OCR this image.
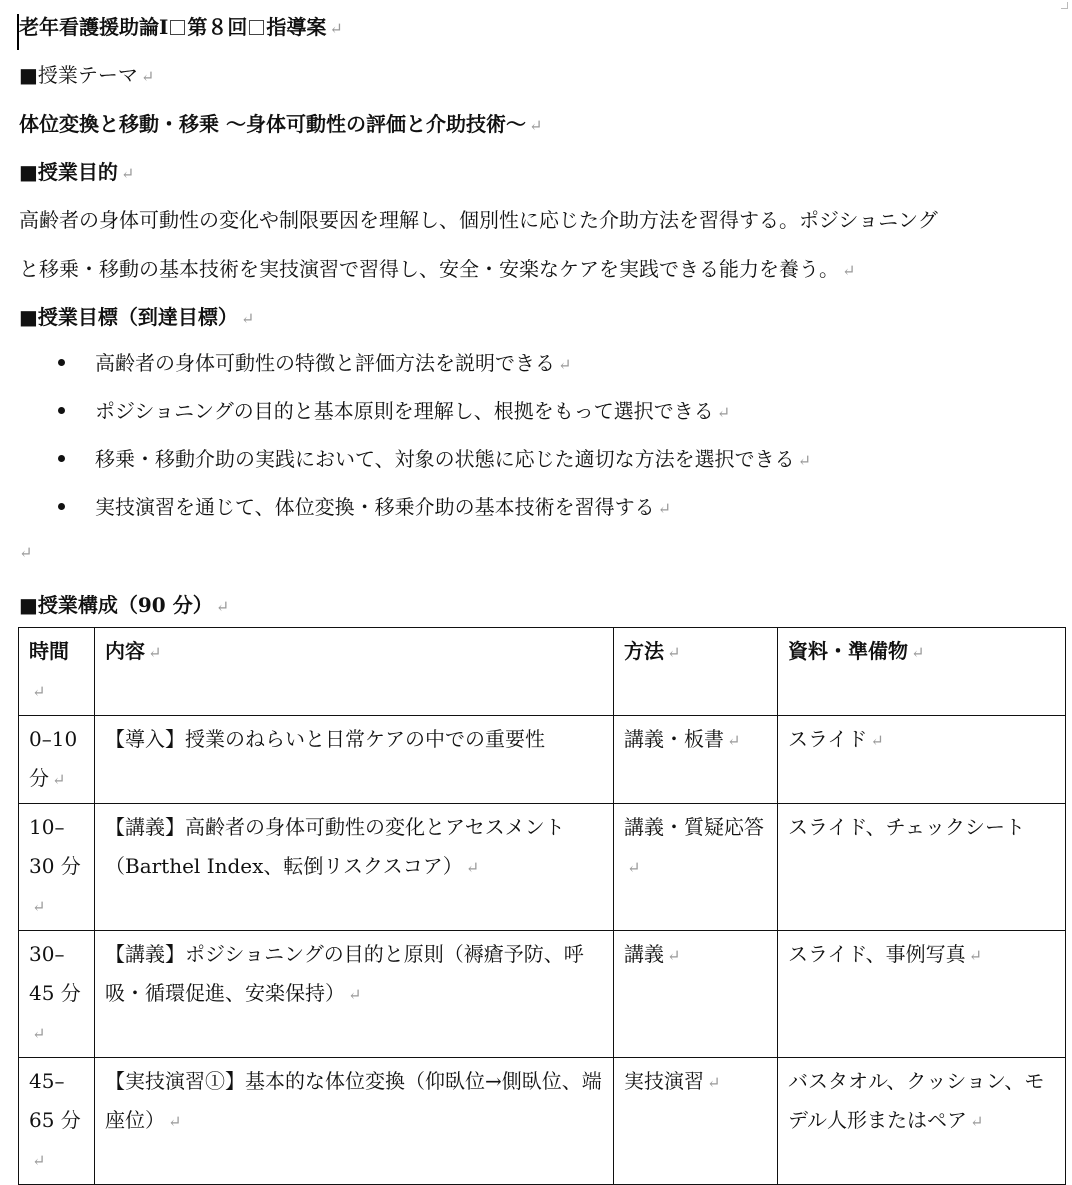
老年看護援助論Ⅰ 第８回 指導案 ↵
■授業テーマ ↵
体位変換と移動・移乗 ～身体可動性の評価と介助技術～ ↵
■授業目的 ↵
高齢者の身体可動性の変化や制限要因を理解し、個別性に応じた介助方法を習得する。ポジショニング
と移乗・移動の基本技術を実技演習で習得し、安全・安楽なケアを実践できる能力を養う。 ↵
■授業目標（到達目標） ↵
高齢者の身体可動性の特徴と評価方法を説明できる ↵
ポジショニングの目的と基本原則を理解し、根拠をもって選択できる ↵
移乗・移動介助の実践において、対象の状態に応じた適切な方法を選択できる ↵
実技演習を通じて、体位変換・移乗介助の基本技術を習得する ↵
↵
■授業構成（90 分） ↵
時間↵	内容 ↵	方法 ↵	資料・準備物 ↵
0–10 分 ↵	【導入】授業のねらいと日常ケアの中での重要性	講義・板書 ↵	スライド ↵
10–30 分↵	【講義】高齢者の身体可動性の変化とアセスメント（Barthel Index、転倒リスクスコア） ↵	講義・質疑応答↵	スライド、チェックシート
30–45 分↵	【講義】ポジショニングの目的と原則（褥瘡予防、呼吸・循環促進、安楽保持） ↵	講義 ↵	スライド、事例写真 ↵
45–65 分↵	【実技演習①】基本的な体位変換（仰臥位→側臥位、端座位） ↵	実技演習 ↵	バスタオル、クッション、モデル人形またはペア ↵
